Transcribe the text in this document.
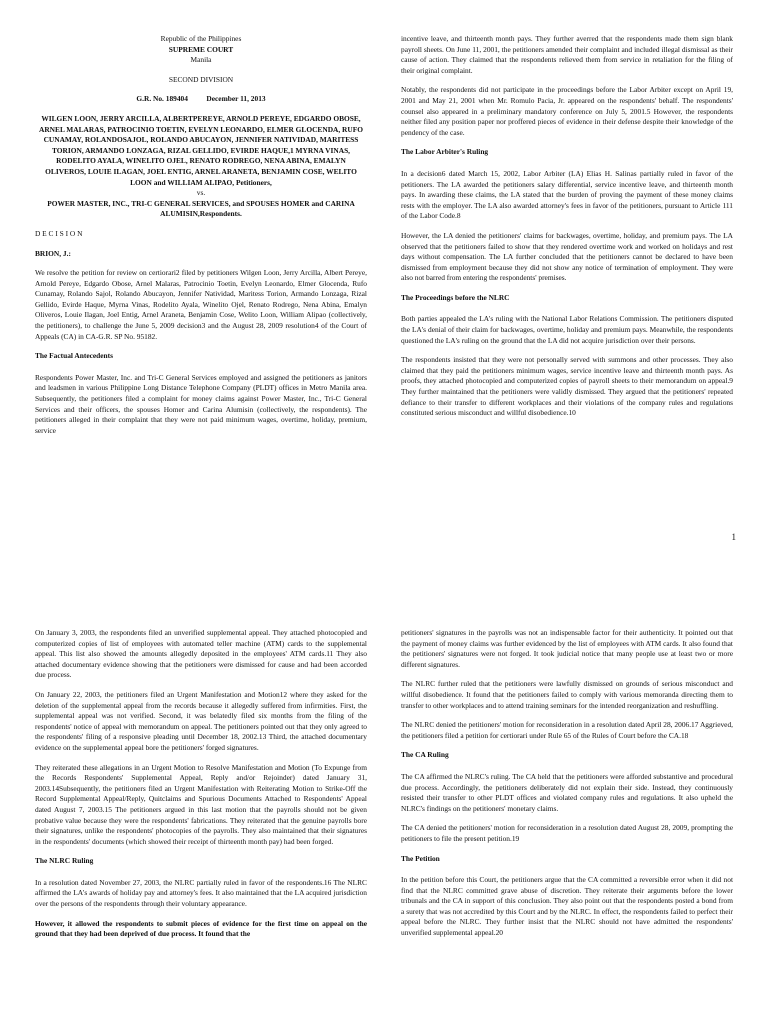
Republic of the Philippines
SUPREME COURT
Manila
SECOND DIVISION
G.R. No. 189404 December 11, 2013
WILGEN LOON, JERRY ARCILLA, ALBERTPEREYE, ARNOLD PEREYE, EDGARDO OBOSE, ARNEL MALARAS, PATROCINIO TOETIN, EVELYN LEONARDO, ELMER GLOCENDA, RUFO CUNAMAY, ROLANDOSAJOL, ROLANDO ABUCAYON, JENNIFER NATIVIDAD, MARITESS TORION, ARMANDO LONZAGA, RIZAL GELLIDO, EVIRDE HAQUE,1 MYRNA VINAS, RODELITO AYALA, WINELITO OJEL, RENATO RODREGO, NENA ABINA, EMALYN OLIVEROS, LOUIE ILAGAN, JOEL ENTIG, ARNEL ARANETA, BENJAMIN COSE, WELITO LOON and WILLIAM ALIPAO, Petitioners,
vs.
POWER MASTER, INC., TRI-C GENERAL SERVICES, and SPOUSES HOMER and CARINA ALUMISIN,Respondents.

D E C I S I O N

BRION, J.:

We resolve the petition for review on certiorari2 filed by petitioners Wilgen Loon, Jerry Arcilla, Albert Pereye, Arnold Pereye, Edgardo Obose, Arnel Malaras, Patrocinio Toetin, Evelyn Leonardo, Elmer Glocenda, Rufo Cunamay, Rolando Sajol, Rolando Abucayon, Jennifer Natividad, Maritess Torion, Armando Lonzaga, Rizal Gellido, Evirde Haque, Myrna Vinas, Rodelito Ayala, Winelito Ojel, Renato Rodrego, Nena Abina, Emalyn Oliveros, Louie Ilagan, Joel Entig, Arnel Araneta, Benjamin Cose, Welito Loon, William Alipao (collectively, the petitioners), to challenge the June 5, 2009 decision3 and the August 28, 2009 resolution4 of the Court of Appeals (CA) in CA-G.R. SP No. 95182.

The Factual Antecedents

Respondents Power Master, Inc. and Tri-C General Services employed and assigned the petitioners as janitors and leadsmen in various Philippine Long Distance Telephone Company (PLDT) offices in Metro Manila area. Subsequently, the petitioners filed a complaint for money claims against Power Master, Inc., Tri-C General Services and their officers, the spouses Homer and Carina Alumisin (collectively, the respondents). The petitioners alleged in their complaint that they were not paid minimum wages, overtime, holiday, premium, service

incentive leave, and thirteenth month pays. They further averred that the respondents made them sign blank payroll sheets. On June 11, 2001, the petitioners amended their complaint and included illegal dismissal as their cause of action. They claimed that the respondents relieved them from service in retaliation for the filing of their original complaint.

Notably, the respondents did not participate in the proceedings before the Labor Arbiter except on April 19, 2001 and May 21, 2001 when Mr. Romulo Pacia, Jr. appeared on the respondents' behalf. The respondents' counsel also appeared in a preliminary mandatory conference on July 5, 2001.5 However, the respondents neither filed any position paper nor proffered pieces of evidence in their defense despite their knowledge of the pendency of the case.

The Labor Arbiter's Ruling

In a decision6 dated March 15, 2002, Labor Arbiter (LA) Elias H. Salinas partially ruled in favor of the petitioners. The LA awarded the petitioners salary differential, service incentive leave, and thirteenth month pays. In awarding these claims, the LA stated that the burden of proving the payment of these money claims rests with the employer. The LA also awarded attorney's fees in favor of the petitioners, pursuant to Article 111 of the Labor Code.8

However, the LA denied the petitioners' claims for backwages, overtime, holiday, and premium pays. The LA observed that the petitioners failed to show that they rendered overtime work and worked on holidays and rest days without compensation. The LA further concluded that the petitioners cannot be declared to have been dismissed from employment because they did not show any notice of termination of employment. They were also not barred from entering the respondents' premises.

The Proceedings before the NLRC

Both parties appealed the LA's ruling with the National Labor Relations Commission. The petitioners disputed the LA's denial of their claim for backwages, overtime, holiday and premium pays. Meanwhile, the respondents questioned the LA's ruling on the ground that the LA did not acquire jurisdiction over their persons.

The respondents insisted that they were not personally served with summons and other processes. They also claimed that they paid the petitioners minimum wages, service incentive leave and thirteenth month pays. As proofs, they attached photocopied and computerized copies of payroll sheets to their memorandum on appeal.9 They further maintained that the petitioners were validly dismissed. They argued that the petitioners' repeated defiance to their transfer to different workplaces and their violations of the company rules and regulations constituted serious misconduct and willful disobedience.10

1

On January 3, 2003, the respondents filed an unverified supplemental appeal. They attached photocopied and computerized copies of list of employees with automated teller machine (ATM) cards to the supplemental appeal. This list also showed the amounts allegedly deposited in the employees' ATM cards.11 They also attached documentary evidence showing that the petitioners were dismissed for cause and had been accorded due process.

On January 22, 2003, the petitioners filed an Urgent Manifestation and Motion12 where they asked for the deletion of the supplemental appeal from the records because it allegedly suffered from infirmities. First, the supplemental appeal was not verified. Second, it was belatedly filed six months from the filing of the respondents' notice of appeal with memorandum on appeal. The petitioners pointed out that they only agreed to the respondents' filing of a responsive pleading until December 18, 2002.13 Third, the attached documentary evidence on the supplemental appeal bore the petitioners' forged signatures.

They reiterated these allegations in an Urgent Motion to Resolve Manifestation and Motion (To Expunge from the Records Respondents' Supplemental Appeal, Reply and/or Rejoinder) dated January 31, 2003.14Subsequently, the petitioners filed an Urgent Manifestation with Reiterating Motion to Strike-Off the Record Supplemental Appeal/Reply, Quitclaims and Spurious Documents Attached to Respondents' Appeal dated August 7, 2003.15 The petitioners argued in this last motion that the payrolls should not be given probative value because they were the respondents' fabrications. They reiterated that the genuine payrolls bore their signatures, unlike the respondents' photocopies of the payrolls. They also maintained that their signatures in the respondents' documents (which showed their receipt of thirteenth month pay) had been forged.

The NLRC Ruling

In a resolution dated November 27, 2003, the NLRC partially ruled in favor of the respondents.16 The NLRC affirmed the LA's awards of holiday pay and attorney's fees. It also maintained that the LA acquired jurisdiction over the persons of the respondents through their voluntary appearance.

However, it allowed the respondents to submit pieces of evidence for the first time on appeal on the ground that they had been deprived of due process. It found that the

petitioners' signatures in the payrolls was not an indispensable factor for their authenticity. It pointed out that the payment of money claims was further evidenced by the list of employees with ATM cards. It also found that the petitioners' signatures were not forged. It took judicial notice that many people use at least two or more different signatures.

The NLRC further ruled that the petitioners were lawfully dismissed on grounds of serious misconduct and willful disobedience. It found that the petitioners failed to comply with various memoranda directing them to transfer to other workplaces and to attend training seminars for the intended reorganization and reshuffling.

The NLRC denied the petitioners' motion for reconsideration in a resolution dated April 28, 2006.17 Aggrieved, the petitioners filed a petition for certiorari under Rule 65 of the Rules of Court before the CA.18

The CA Ruling

The CA affirmed the NLRC's ruling. The CA held that the petitioners were afforded substantive and procedural due process. Accordingly, the petitioners deliberately did not explain their side. Instead, they continuously resisted their transfer to other PLDT offices and violated company rules and regulations. It also upheld the NLRC's findings on the petitioners' monetary claims.

The CA denied the petitioners' motion for reconsideration in a resolution dated August 28, 2009, prompting the petitioners to file the present petition.19

The Petition

In the petition before this Court, the petitioners argue that the CA committed a reversible error when it did not find that the NLRC committed grave abuse of discretion. They reiterate their arguments before the lower tribunals and the CA in support of this conclusion. They also point out that the respondents posted a bond from a surety that was not accredited by this Court and by the NLRC. In effect, the respondents failed to perfect their appeal before the NLRC. They further insist that the NLRC should not have admitted the respondents' unverified supplemental appeal.20
